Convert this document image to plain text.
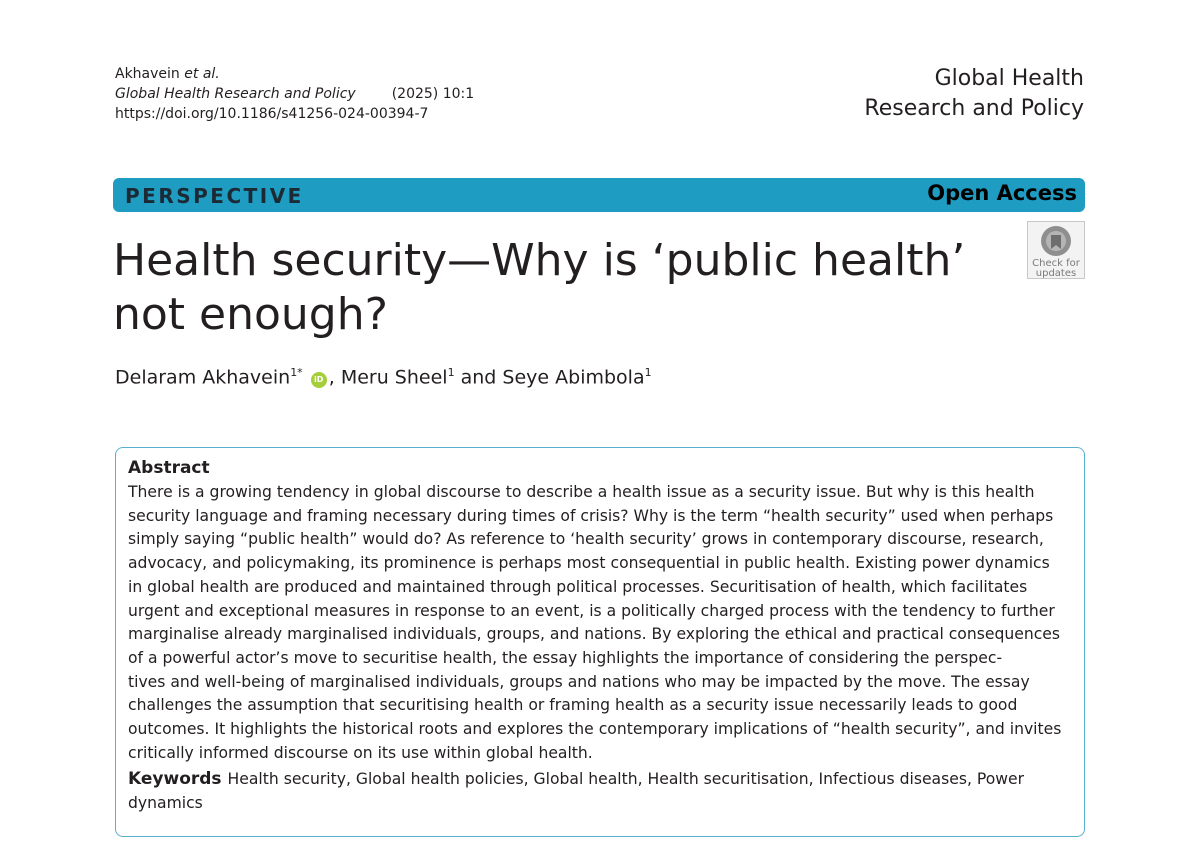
Akhavein et al.
Global Health Research and Policy	(2025) 10:1
https://doi.org/10.1186/s41256-024-00394-7
Global Health
Research and Policy
PERSPECTIVE	Open Access
Health security—Why is ‘public health’
not enough?
Check for
updates
Delaram Akhavein$^{1*}$ iD , Meru Sheel$^1$ and Seye Abimbola$^1$
Abstract

There is a growing tendency in global discourse to describe a health issue as a security issue. But why is this health
security language and framing necessary during times of crisis? Why is the term “health security” used when perhaps
simply saying “public health” would do? As reference to ‘health security’ grows in contemporary discourse, research,
advocacy, and policymaking, its prominence is perhaps most consequential in public health. Existing power dynamics
in global health are produced and maintained through political processes. Securitisation of health, which facilitates
urgent and exceptional measures in response to an event, is a politically charged process with the tendency to further
marginalise already marginalised individuals, groups, and nations. By exploring the ethical and practical consequences
of a powerful actor’s move to securitise health, the essay highlights the importance of considering the perspec-
tives and well-being of marginalised individuals, groups and nations who may be impacted by the move. The essay
challenges the assumption that securitising health or framing health as a security issue necessarily leads to good
outcomes. It highlights the historical roots and explores the contemporary implications of “health security”, and invites
critically informed discourse on its use within global health.

Keywords Health security, Global health policies, Global health, Health securitisation, Infectious diseases, Power
dynamics
